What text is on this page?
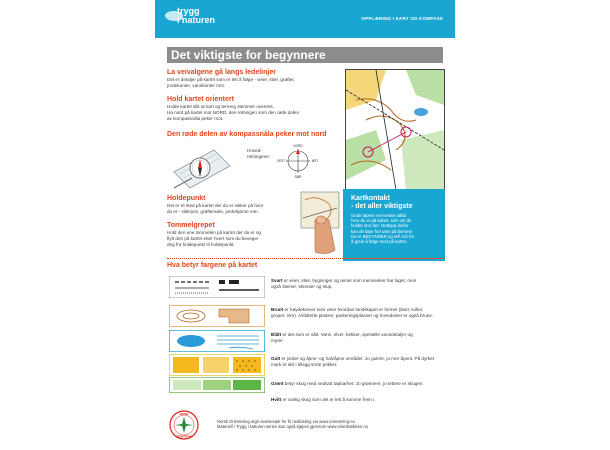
trygg
i naturen	OPPLÆRING I KART OG KOMPASS
Det viktigste for begynnere
La veivalgene gå langs ledelinjer
Det er detaljer på kartet som er lett å følge - veier, stier, grøfter,
jordekanter, vannkanter mm.
Hold kartet orientert
Holde kartet slik at kart og terreng stemmer overens.
Ha nord på kartet mot NORD, den retningen som den røde delen
av kompassnåla peker mot.
Den røde delen av kompassnåla peker mot nord
Hoved-
retningene:
NORD
SØR
ØST
VEST
Holdepunkt
Det er et sted på kartet der du er sikker på hvor
du er - sikkryss, grøftemøte, jordehjørne mm.
Tommelgrepet
Hold den ene tommelen på kartet der du er og
flytt den på kartet etter hvert som du beveger
deg fra holdepunkt til holdepunkt.
Kartkontakt
- det aller viktigste
Gode løpere vet nesten alltid
hvor de er på kartet, selv om de
holder stor fart. Nettopp derfor
kan de løpe fort uten på bomme.
Du er BEGYNNER og MÅ GÅ for
å greie å følge med på kartet.
Hva betyr fargene på kartet
Svart er veier, stier, bygninger og annet som mennesker har laget, men
også steiner, skrenter og stup.
Brunt er høydekurver som viser hvordan landskapet er formet (åser, koller,
groper, mm). Asfalterte plasser, parkeringsplasser og hovedveier er også brune.
Blått er det som er vått. Vann, elver, bekker, spesielle vanndetaljer og
myrer.
Gult er jorder og åpne- og halvåpne områder. Jo gulere, jo mer åpent. På dyrket
mark er det i tillegg sorte prikker.
Grønt betyr skog med nedsatt løpbarhet. Jo grønnere, jo tettere er skogen.
Hvitt er vanlig skog som det er lett å komme frem i.
NORSK
ORIENTERING
Norsk Orientering utgir øvelsesark for fri nedlasting via www.orientering.no
Materiell i Trygg i Naturen serien kan også kjøpes gjennom www.orienbutikken.no
